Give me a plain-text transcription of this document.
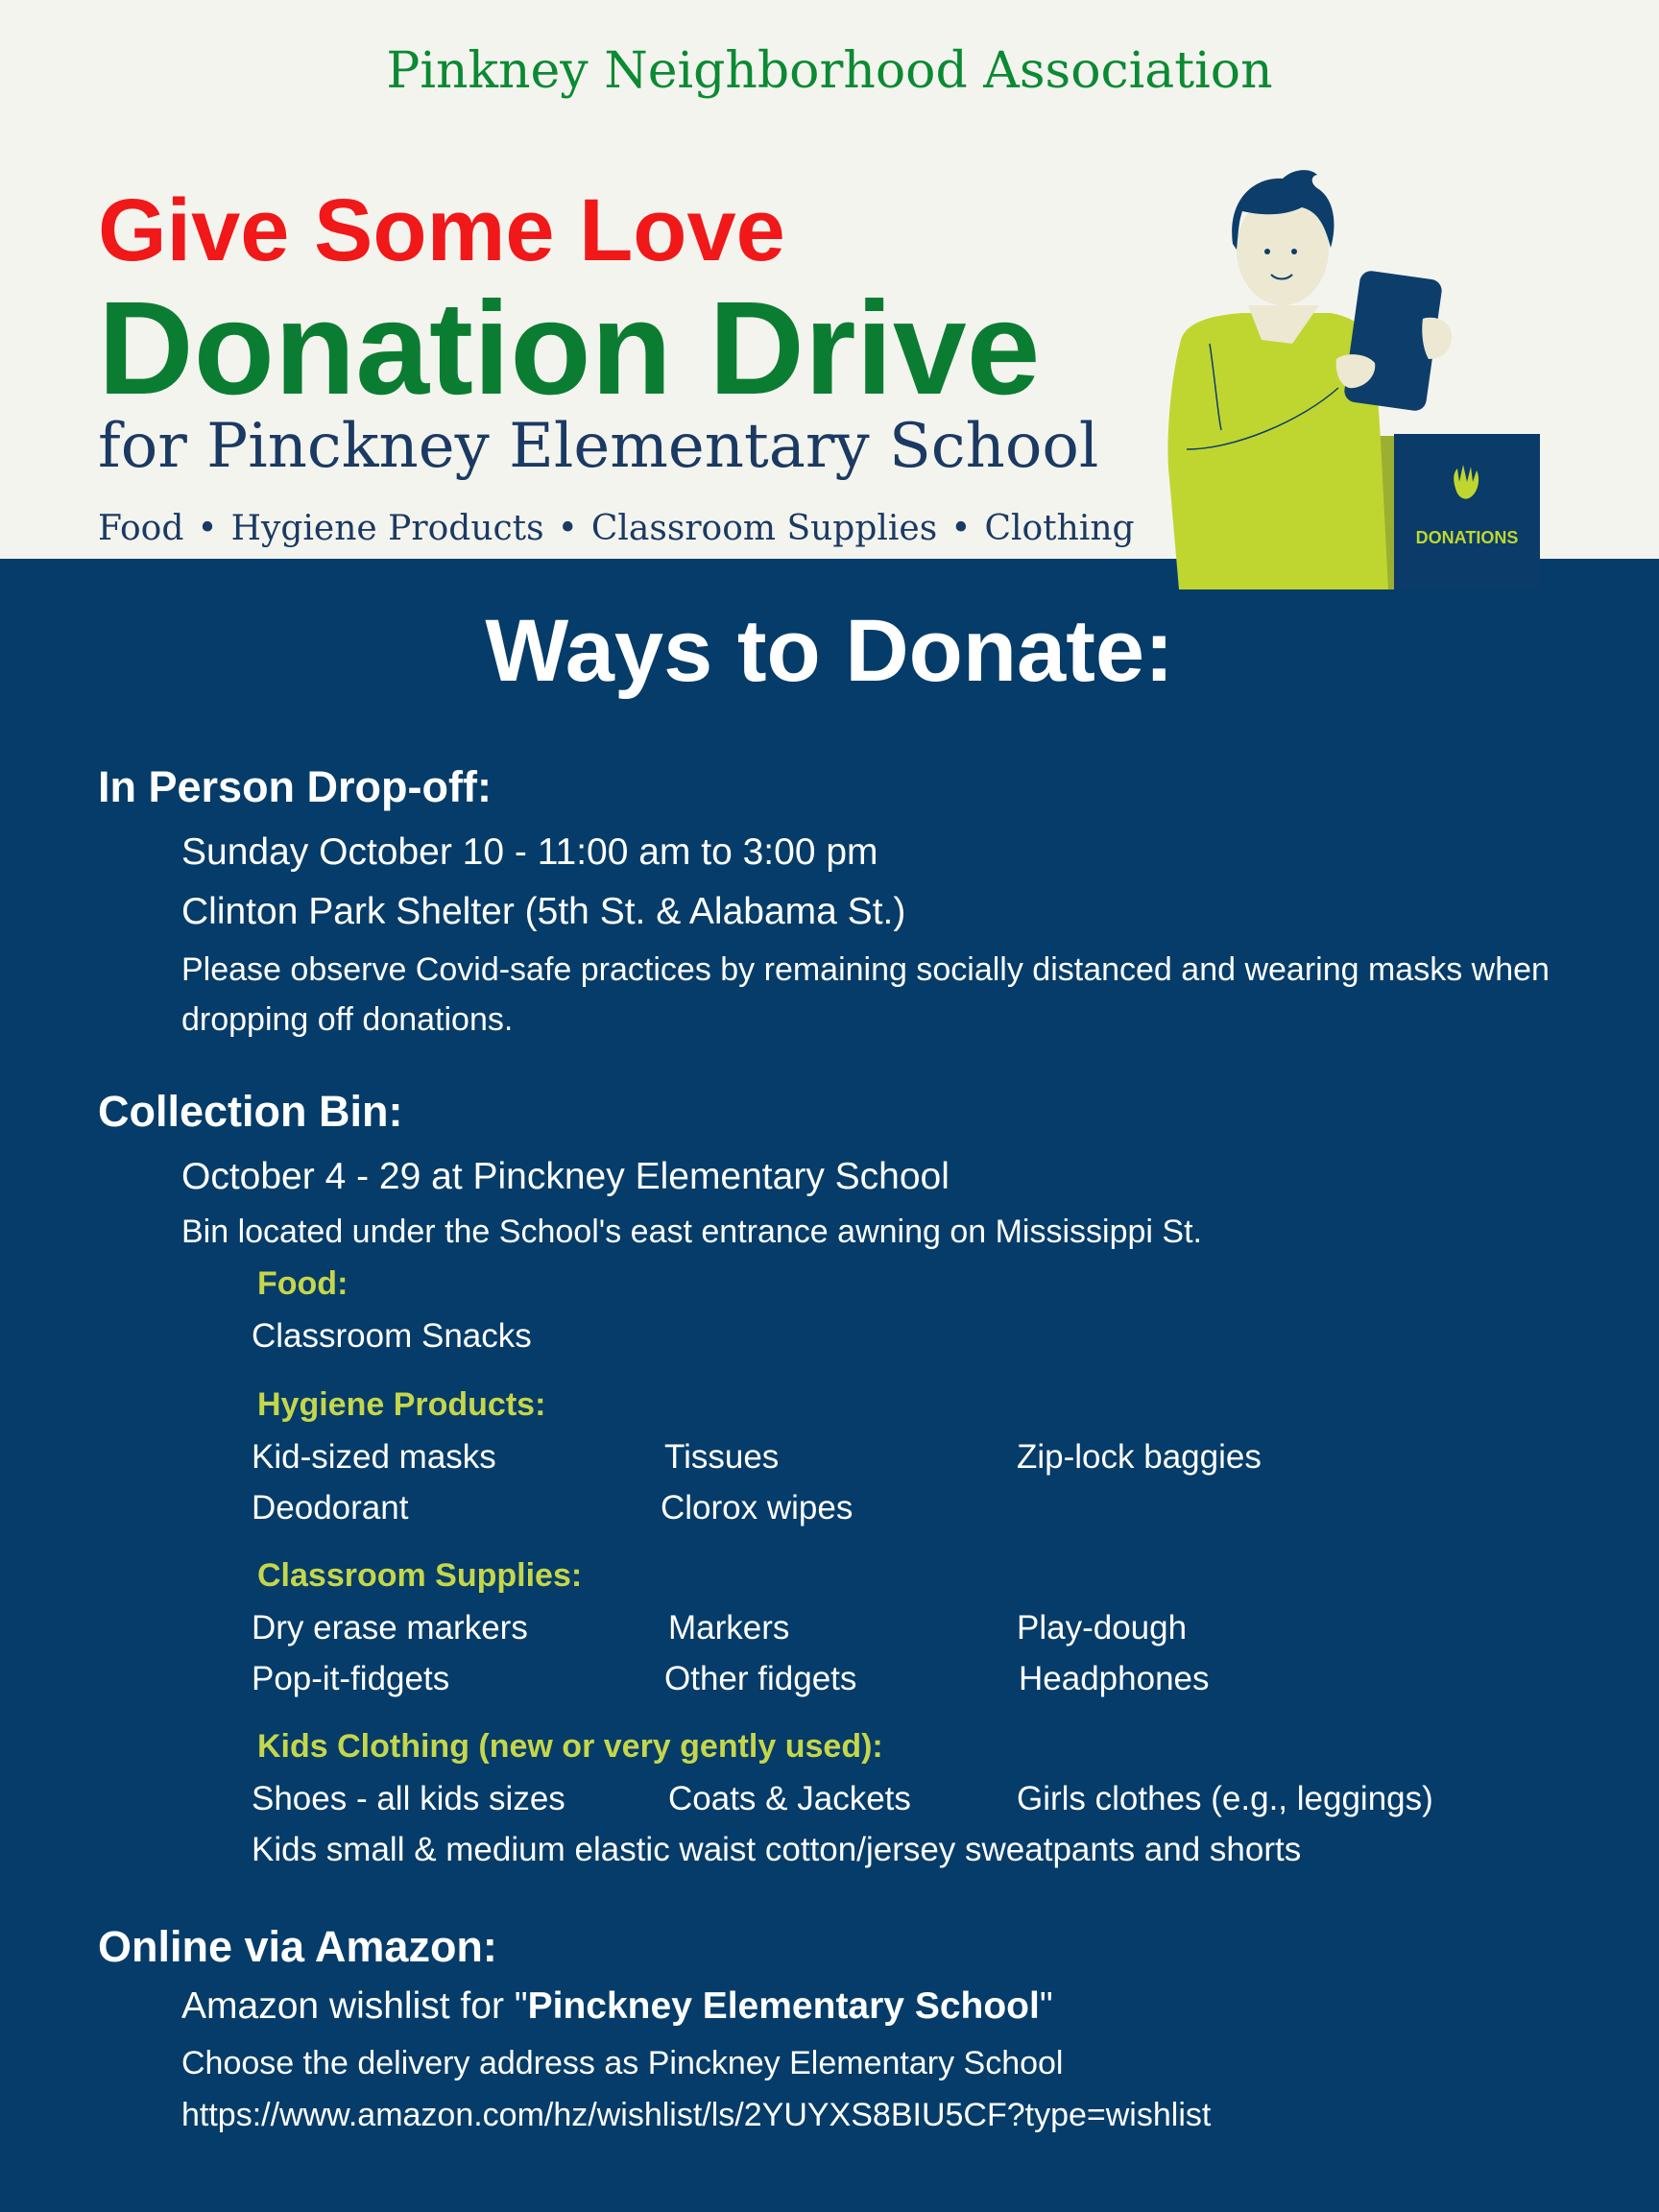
Pinkney Neighborhood Association
Give Some Love
Donation Drive
for Pinckney Elementary School
Food • Hygiene Products • Classroom Supplies • Clothing	DONATIONS
Ways to Donate:
In Person Drop-off:
Sunday October 10 - 11:00 am to 3:00 pm
Clinton Park Shelter (5th St. & Alabama St.)
Please observe Covid-safe practices by remaining socially distanced and wearing masks when dropping off donations.
Collection Bin:
October 4 - 29 at Pinckney Elementary School
Bin located under the School's east entrance awning on Mississippi St.
Food:
Classroom Snacks
Hygiene Products:
Kid-sized masks	Tissues	Zip-lock baggies
Deodorant	Clorox wipes
Classroom Supplies:
Dry erase markers	Markers	Play-dough
Pop-it-fidgets	Other fidgets	Headphones
Kids Clothing (new or very gently used):
Shoes - all kids sizes	Coats & Jackets	Girls clothes (e.g., leggings)
Kids small & medium elastic waist cotton/jersey sweatpants and shorts
Online via Amazon:
Amazon wishlist for "Pinckney Elementary School"
Choose the delivery address as Pinckney Elementary School
https://www.amazon.com/hz/wishlist/ls/2YUYXS8BIU5CF?type=wishlist
